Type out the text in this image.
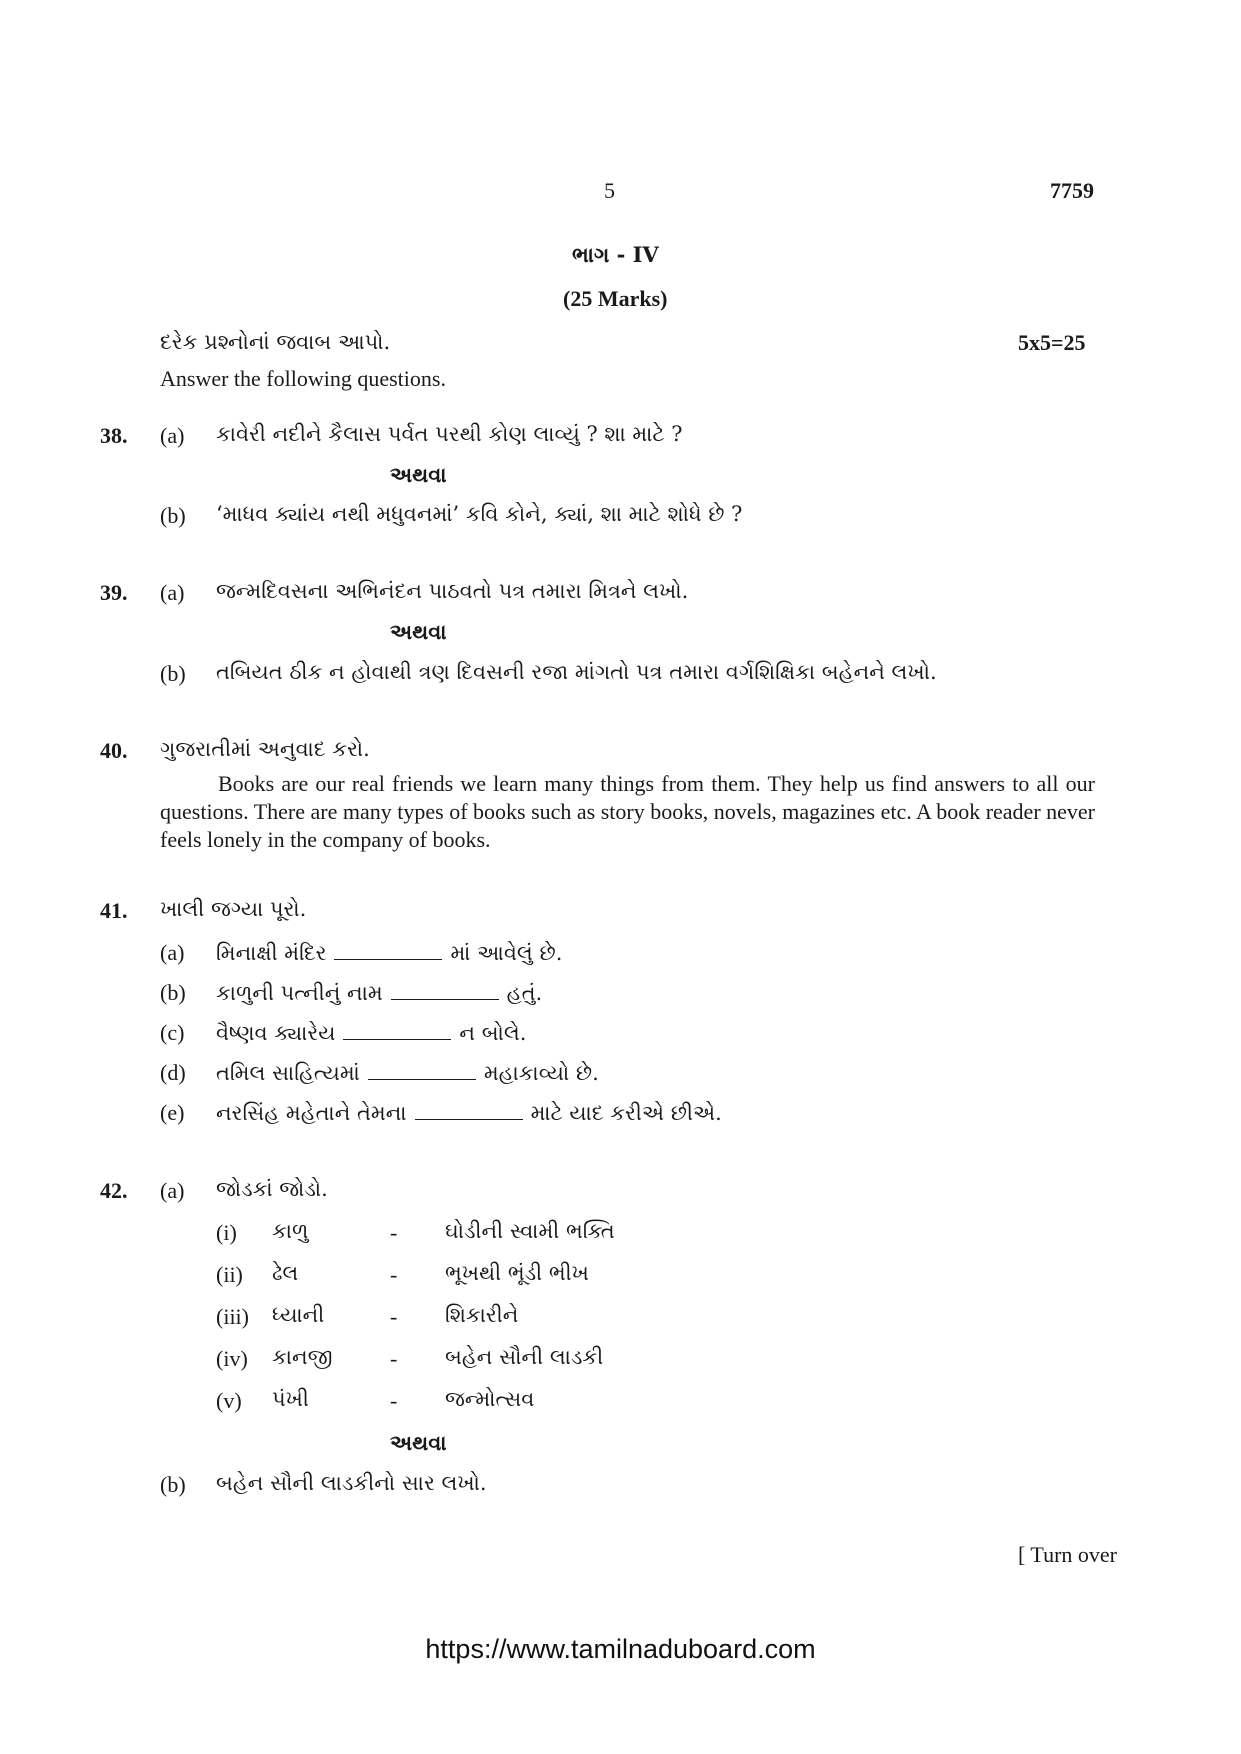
5	7759
ભાગ - IV
(25 Marks)
દરેક પ્રશ્નોનાં જવાબ આપો.	5x5=25
Answer the following questions.
38. (a) કાવેરી નદીને કૈલાસ પર્વત પરથી કોણ લાવ્યું ? શા માટે ?
અથવા
(b) ‘માધવ ક્યાંય નથી મધુવનમાં’ કવિ કોને, ક્યાં, શા માટે શોધે છે ?
39. (a) જન્મદિવસના અભિનંદન પાઠવતો પત્ર તમારા મિત્રને લખો.
અથવા
(b) તબિયત ઠીક ન હોવાથી ત્રણ દિવસની રજા માંગતો પત્ર તમારા વર્ગશિક્ષિકા બહેનને લખો.
40. ગુજરાતીમાં અનુવાદ કરો.
Books are our real friends we learn many things from them. They help us find answers to all our questions. There are many types of books such as story books, novels, magazines etc. A book reader never feels lonely in the company of books.
41. ખાલી જગ્યા પૂરો.
(a) મિનાક્ષી મંદિર	માં આવેલું છે.
(b) કાળુની પત્નીનું નામ	હતું.
(c) વૈષ્ણવ ક્યારેય	ન બોલે.
(d) તમિલ સાહિત્યમાં	મહાકાવ્યો છે.
(e) નરસિંહ મહેતાને તેમના	માટે યાદ કરીએ છીએ.
42. (a) જોડકાં જોડો.
(i) કાળુ	- ઘોડીની સ્વામી ભક્તિ
(ii) ઢેલ	- ભૂખથી ભૂંડી ભીખ
(iii) ધ્યાની	- શિકારીને
(iv) કાનજી	- બહેન સૌની લાડકી
(v) પંખી	- જન્મોત્સવ
અથવા
(b) બહેન સૌની લાડકીનો સાર લખો.
[ Turn over
https://www.tamilnaduboard.com
